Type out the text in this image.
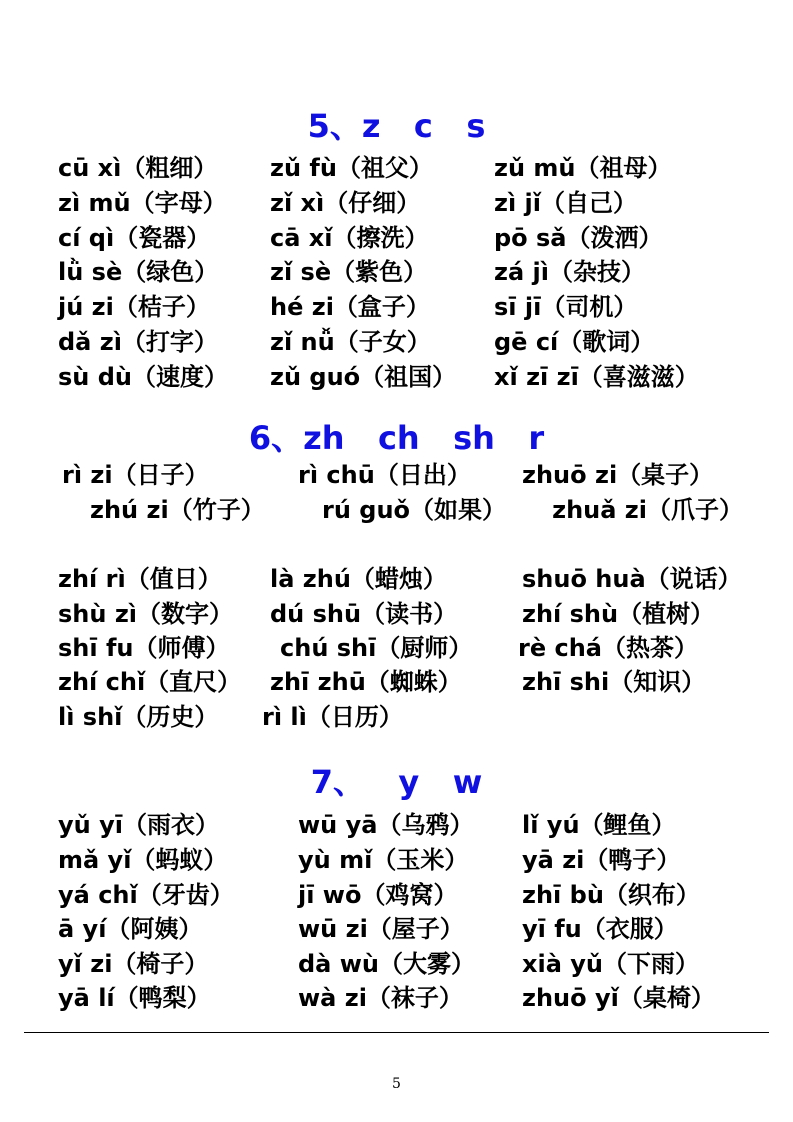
5、z   c   s
cū xì（粗细） zǔ fù（祖父）	zǔ mǔ（祖母）
zì mǔ（字母） zǐ xì（仔细）	zì jǐ（自己）
cí qì（瓷器） cā xǐ（擦洗）	pō sǎ（泼洒）
lǜ sè（绿色） zǐ sè（紫色）	zá jì（杂技）
jú zi（桔子）	hé zi（盒子）	sī jī（司机）
dǎ zì（打字） zǐ nǚ（子女）	gē cí（歌词）
sù dù（速度） zǔ guó（祖国） xǐ zī zī（喜滋滋）
6、zh   ch   sh   r
rì zi（日子）	rì chū（日出） zhuō zi（桌子）
zhú zi（竹子） rú guǒ（如果） zhuǎ zi（爪子）
zhí rì（值日） là zhú（蜡烛）	shuō huà（说话）
shù zì（数字） dú shū（读书）	zhí shù（植树）
shī fu（师傅） chú shī（厨师） rè chá（热茶）
zhí chǐ（直尺） zhī zhū（蜘蛛）	zhī shi（知识）
lì shǐ（历史） rì lì（日历）
7、   y   w
yǔ yī（雨衣）	wū yā（乌鸦） lǐ yú（鲤鱼）
mǎ yǐ（蚂蚁）	yù mǐ（玉米） yā zi（鸭子）
yá chǐ（牙齿）	jī wō（鸡窝）	zhī bù（织布）
ā yí（阿姨）	wū zi（屋子） yī fu（衣服）
yǐ zi（椅子）	dà wù（大雾） xià yǔ（下雨）
yā lí（鸭梨）	wà zi（袜子） zhuō yǐ（桌椅）
5
